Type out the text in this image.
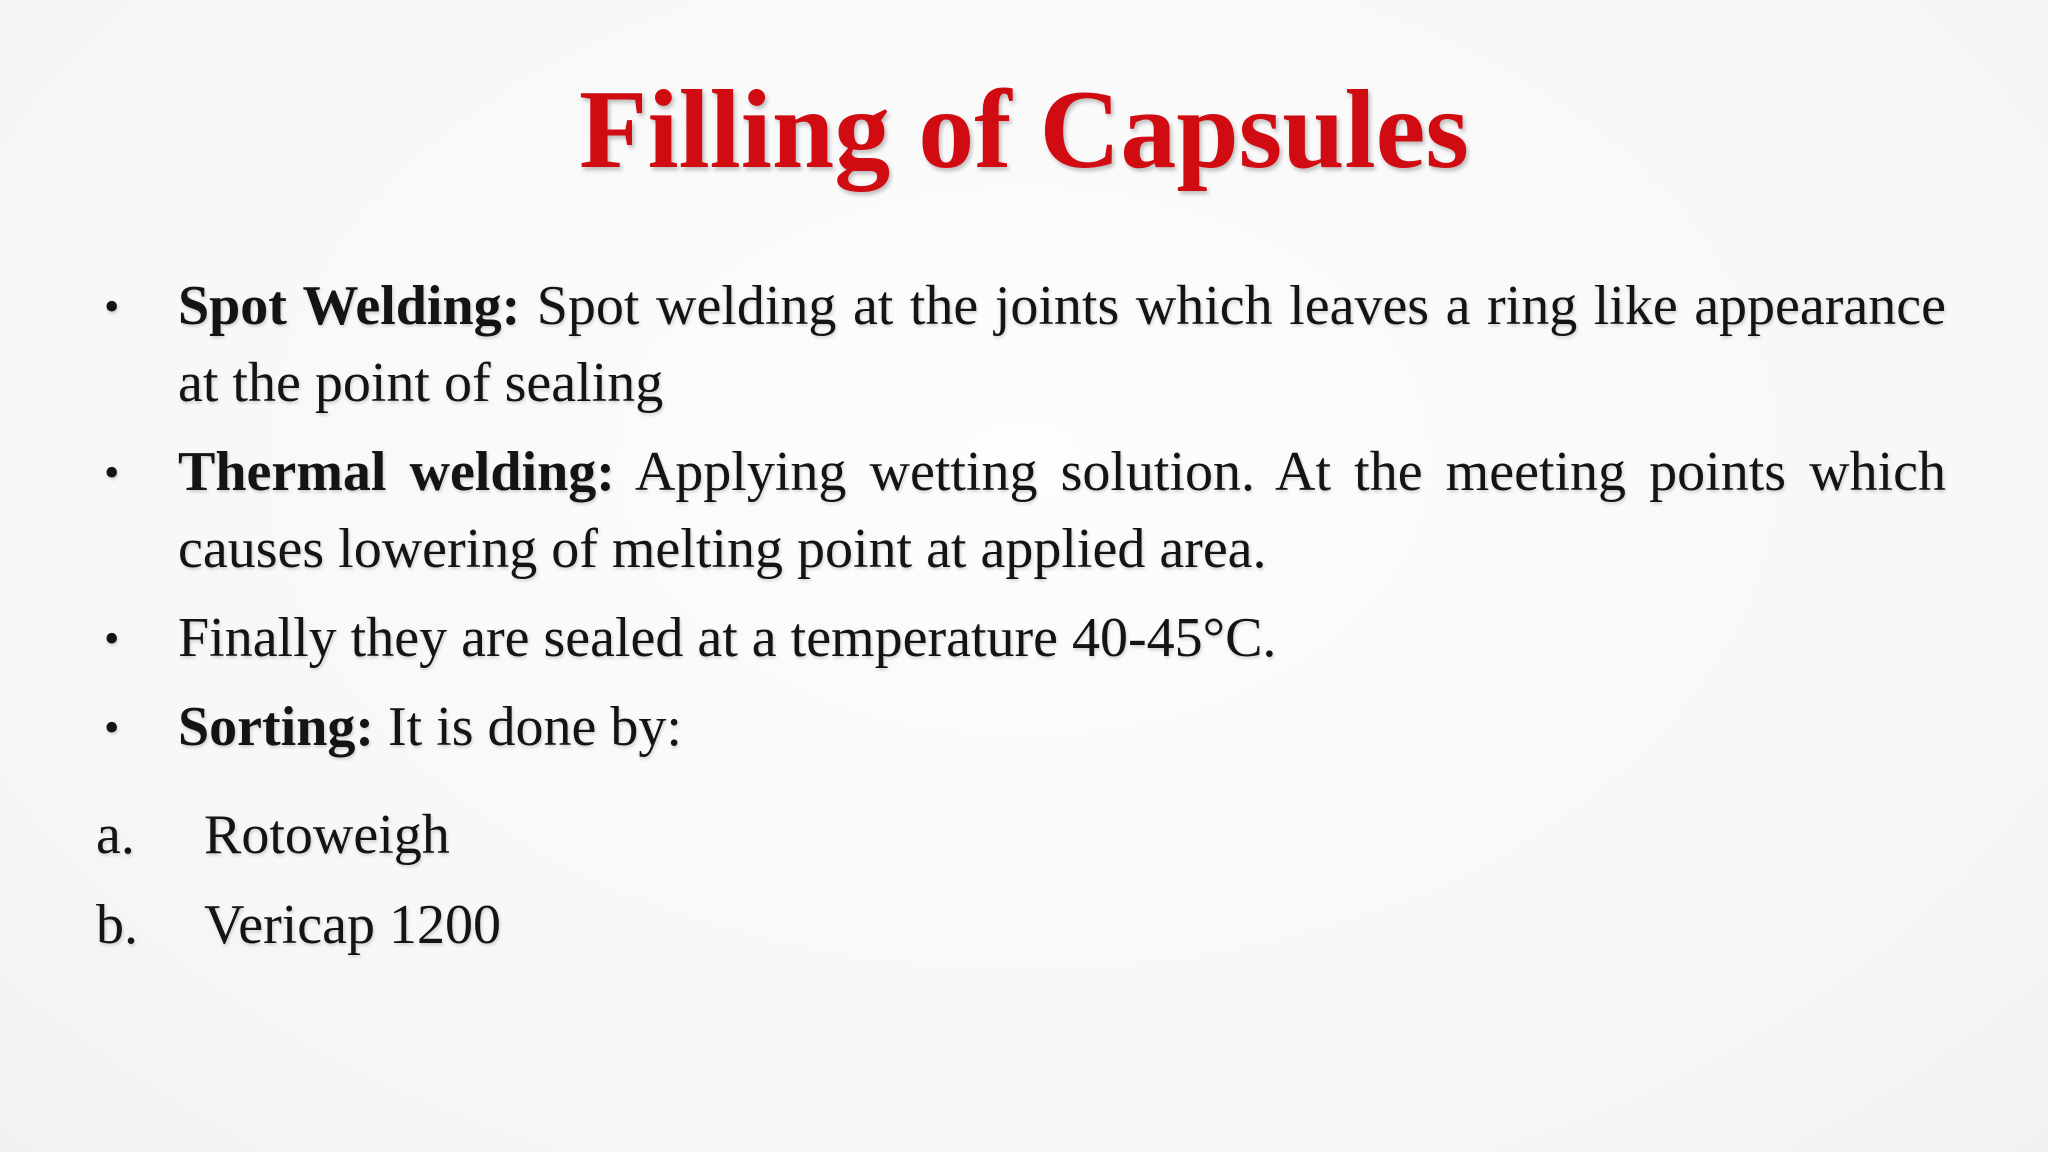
Filling of Capsules
• Spot Welding: Spot welding at the joints which leaves a ring like appearance at the point of sealing
• Thermal welding: Applying wetting solution. At the meeting points which causes lowering of melting point at applied area.
• Finally they are sealed at a temperature 40-45°C.
• Sorting: It is done by:
a. Rotoweigh
b. Vericap 1200
